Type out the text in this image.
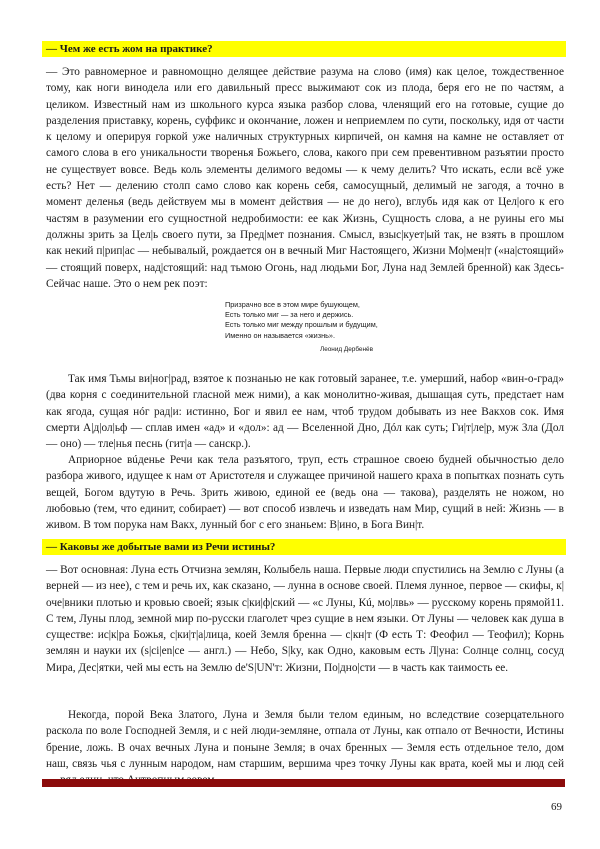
— Чем же есть жом на практике?

— Это равномерное и равномощно делящее действие разума на слово (имя) как целое, тождественное тому, как ноги винодела или его давильный пресс выжимают сок из плода, беря его не по частям, а целиком. Известный нам из школьного курса языка разбор слова, членящий его на готовые, сущие до разделения приставку, корень, суффикс и окончание, ложен и неприемлем по сути, поскольку, идя от части к целому и оперируя горкой уже наличных структурных кирпичей, он камня на камне не оставляет от самого слова в его уникальности творенья Божьего, слова, какого при сем превентивном разъятии просто не существует вовсе. Ведь коль элементы делимого ведомы — к чему делить? Что искать, если всё уже есть? Нет — делению столп само слово как корень себя, самосущный, делимый не загодя, а точно в момент деленья (ведь действуем мы в момент действия — не до него), вглубь идя как от Цел|ого к его частям в разумении его сущностной недробимости: ее как Жизнь, Сущность слова, а не руины его мы должны зрить за Цел|ь своего пути, за Пред|мет познания. Смысл, взыс|кует|ый так, не взять в прошлом как некий п|рип|ас — небывалый, рождается он в вечный Миг Настоящего, Жизни Мо|мен|т («на|стоящий» — стоящий поверх, над|стоящий: над тьмою Огонь, над людьми Бог, Луна над Землей бренной) как Здесь-Сейчас наше. Это о нем рек поэт:

Призрачно все в этом мире бушующем,
Есть только миг — за него и держись.
Есть только миг между прошлым и будущим,
Именно он называется «жизнь».
Леонид Дербенёв

Так имя Тьмы ви|ног|рад, взятое к познанью не как готовый заранее, т.е. умерший, набор «вин-о-град» (два корня с соединительной гласной меж ними), а как монолитно-живая, дышащая суть, предстает нам как ягода, сущая нóг рад|и: истинно, Бог и явил ее нам, чтоб трудом добывать из нее Вакхов сок. Имя смерти А|д|ол|ьф — сплав имен «ад» и «дол»: ад — Вселенной Дно, Дóл как суть; Ги|т|ле|р, муж Зла (Дол — оно) — тле|нья песнь (гит|а — санскр.).

Априорное вúденье Речи как тела разъятого, труп, есть страшное своею будней обычностью дело разбора живого, идущее к нам от Аристотеля и служащее причиной нашего краха в попытках познать суть вещей, Богом вдутую в Речь. Зрить живою, единой ее (ведь она — такова), разделять не ножом, но любовью (тем, что единит, собирает) — вот способ извлечь и изведать нам Мир, сущий в ней: Жизнь — в живом. В том порука нам Вакх, лунный бог с его знаньем: В|ино, в Бога Вин|т.

— Каковы же добытые вами из Речи истины?

— Вот основная: Луна есть Отчизна землян, Колыбель наша. Первые люди спустились на Землю с Луны (а верней — из нее), с тем и речь их, как сказано, — лунна в основе своей. Племя лунное, первое — скифы, к|оче|вники плотью и кровью своей; язык с|ки|ф|ский — «с Луны, Кú, мо|лвь» — русскому корень прямой11. С тем, Луны плод, земной мир по-русски глаголет чрез сущие в нем языки. От Луны — человек как душа в существе: ис|к|ра Божья, с|ки|т|а|лица, коей Земля бренна — с|кн|т (Ф есть Т: Феофил — Теофил); Корнь землян и науки их (s|ci|en|ce — англ.) — Небо, S|ky, как Одно, каковым есть Л|уна: Солнце солнц, сосуд Мира, Дес|ятки, чей мы есть на Землю de'S|UN'т: Жизни, По|дно|сти — в часть как таимость ее.

Некогда, порой Века Златого, Луна и Земля были телом единым, но вследствие созерцательного раскола по воле Господней Земля, и с ней люди-земляне, отпала от Луны, как отпало от Вечности, Истины брение, ложь. В очах вечных Луна и поныне Земля; в очах бренных — Земля есть отдельное тело, дом наш, связь чья с лунным народом, нам старшим, вершима чрез точку Луны как врата, коей мы и люд сей

69
